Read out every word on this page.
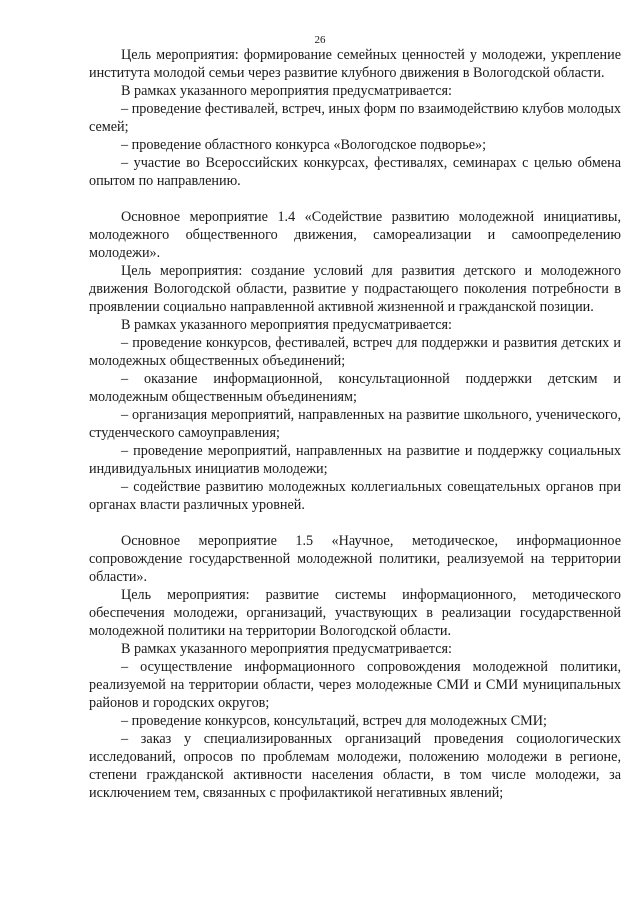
26

Цель мероприятия: формирование семейных ценностей у молодежи, укрепление института молодой семьи через развитие клубного движения в Вологодской области.

В рамках указанного мероприятия предусматривается:

– проведение фестивалей, встреч, иных форм по взаимодействию клубов молодых семей;

– проведение областного конкурса «Вологодское подворье»;

– участие во Всероссийских конкурсах, фестивалях, семинарах с целью обмена опытом по направлению.

Основное мероприятие 1.4 «Содействие развитию молодежной инициативы, молодежного общественного движения, самореализации и самоопределению молодежи».

Цель мероприятия: создание условий для развития детского и молодежного движения Вологодской области, развитие у подрастающего поколения потребности в проявлении социально направленной активной жизненной и гражданской позиции.

В рамках указанного мероприятия предусматривается:

– проведение конкурсов, фестивалей, встреч для поддержки и развития детских и молодежных общественных объединений;

– оказание информационной, консультационной поддержки детским и молодежным общественным объединениям;

– организация мероприятий, направленных на развитие школьного, ученического, студенческого самоуправления;

– проведение мероприятий, направленных на развитие и поддержку социальных индивидуальных инициатив молодежи;

– содействие развитию молодежных коллегиальных совещательных органов при органах власти различных уровней.

Основное мероприятие 1.5 «Научное, методическое, информационное сопровождение государственной молодежной политики, реализуемой на территории области».

Цель мероприятия: развитие системы информационного, методического обеспечения молодежи, организаций, участвующих в реализации государственной молодежной политики на территории Вологодской области.

В рамках указанного мероприятия предусматривается:

– осуществление информационного сопровождения молодежной политики, реализуемой на территории области, через молодежные СМИ и СМИ муниципальных районов и городских округов;

– проведение конкурсов, консультаций, встреч для молодежных СМИ;

– заказ у специализированных организаций проведения социологических исследований, опросов по проблемам молодежи, положению молодежи в регионе, степени гражданской активности населения области, в том числе молодежи, за исключением тем, связанных с профилактикой негативных явлений;
